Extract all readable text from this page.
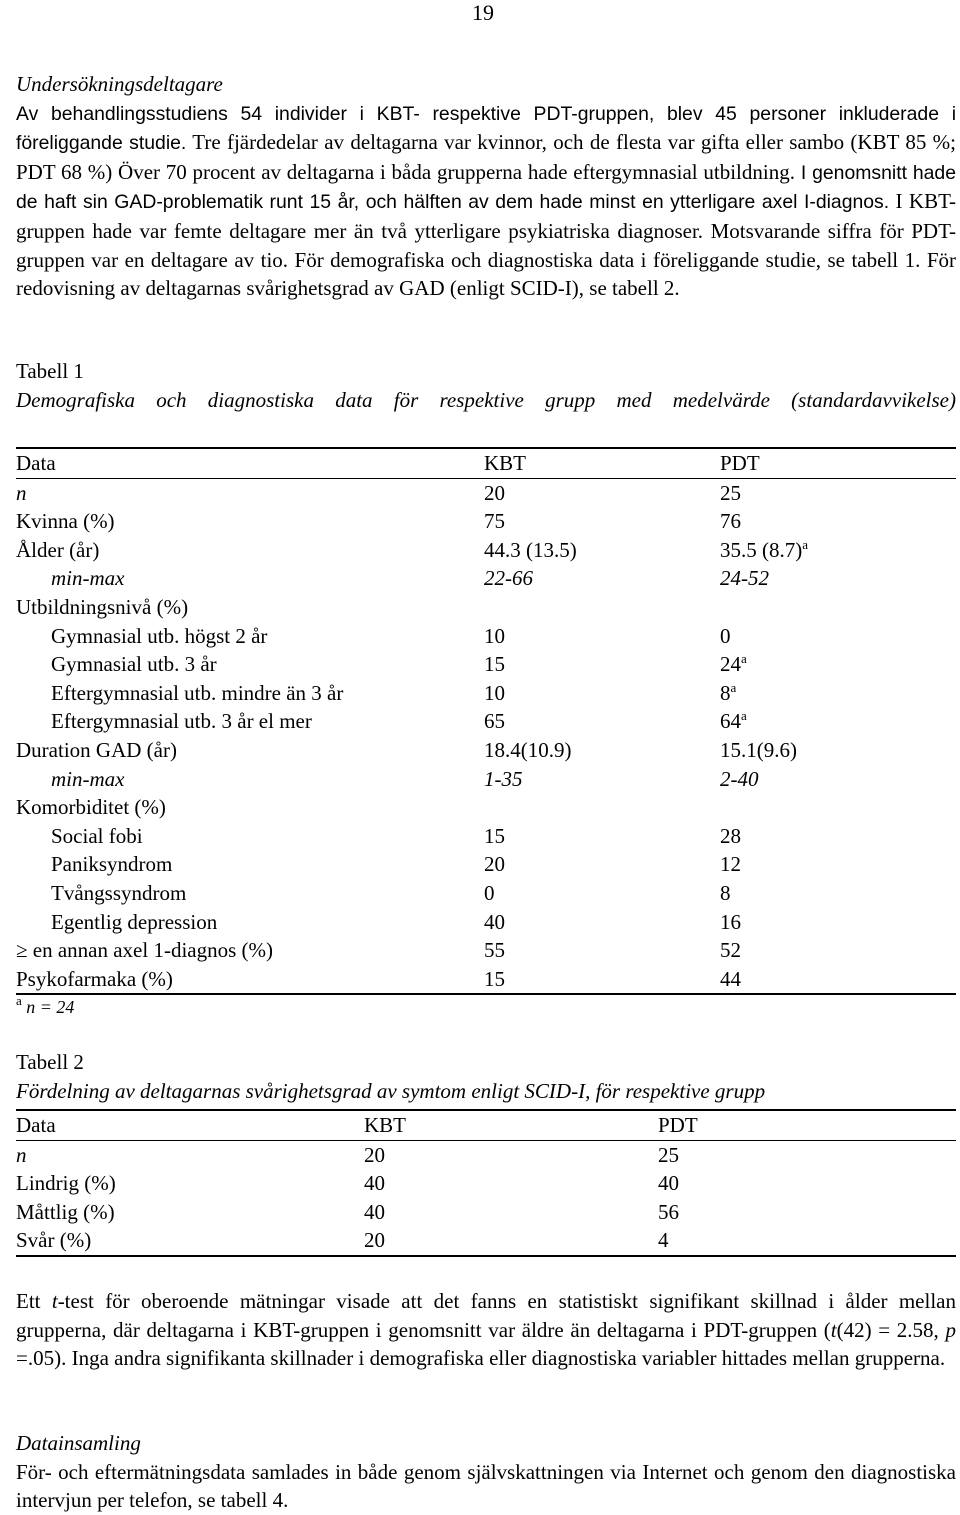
19
Undersökningsdeltagare
Av behandlingsstudiens 54 individer i KBT- respektive PDT-gruppen, blev 45 personer inkluderade i föreliggande studie. Tre fjärdedelar av deltagarna var kvinnor, och de flesta var gifta eller sambo (KBT 85 %; PDT 68 %) Över 70 procent av deltagarna i båda grupperna hade eftergymnasial utbildning. I genomsnitt hade de haft sin GAD-problematik runt 15 år, och hälften av dem hade minst en ytterligare axel I-diagnos. I KBT-gruppen hade var femte deltagare mer än två ytterligare psykiatriska diagnoser. Motsvarande siffra för PDT-gruppen var en deltagare av tio. För demografiska och diagnostiska data i föreliggande studie, se tabell 1. För redovisning av deltagarnas svårighetsgrad av GAD (enligt SCID-I), se tabell 2.
Tabell 1
Demografiska och diagnostiska data för respektive grupp med medelvärde (standardavvikelse)
Data	KBT	PDT
n	20	25
Kvinna (%)	75	76
Ålder (år)	44.3 (13.5)	35.5 $(8.7)^a$
min-max	22-66	24-52
Utbildningsnivå (%)		
Gymnasial utb. högst 2 år	10	0
Gymnasial utb. 3 år	15	24$^a$
Eftergymnasial utb. mindre än 3 år	10	8$^a$
Eftergymnasial utb. 3 år el mer	65	64$^a$
Duration GAD (år)	18.4(10.9)	15.1(9.6)
min-max	1-35	2-40
Komorbiditet (%)		
Social fobi	15	28
Paniksyndrom	20	12
Tvångssyndrom	0	8
Egentlig depression	40	16
≥ en annan axel 1-diagnos (%)	55	52
Psykofarmaka (%)	15	44
$^a$ n = 24
Tabell 2
Fördelning av deltagarnas svårighetsgrad av symtom enligt SCID-I, för respektive grupp
Data	KBT	PDT
n	20	25
Lindrig (%)	40	40
Måttlig (%)	40	56
Svår (%)	20	4
Ett t-test för oberoende mätningar visade att det fanns en statistiskt signifikant skillnad i ålder mellan grupperna, där deltagarna i KBT-gruppen i genomsnitt var äldre än deltagarna i PDT-gruppen (t(42) = 2.58, p =.05). Inga andra signifikanta skillnader i demografiska eller diagnostiska variabler hittades mellan grupperna.
Datainsamling
För- och eftermätningsdata samlades in både genom självskattningen via Internet och genom den diagnostiska intervjun per telefon, se tabell 4.
